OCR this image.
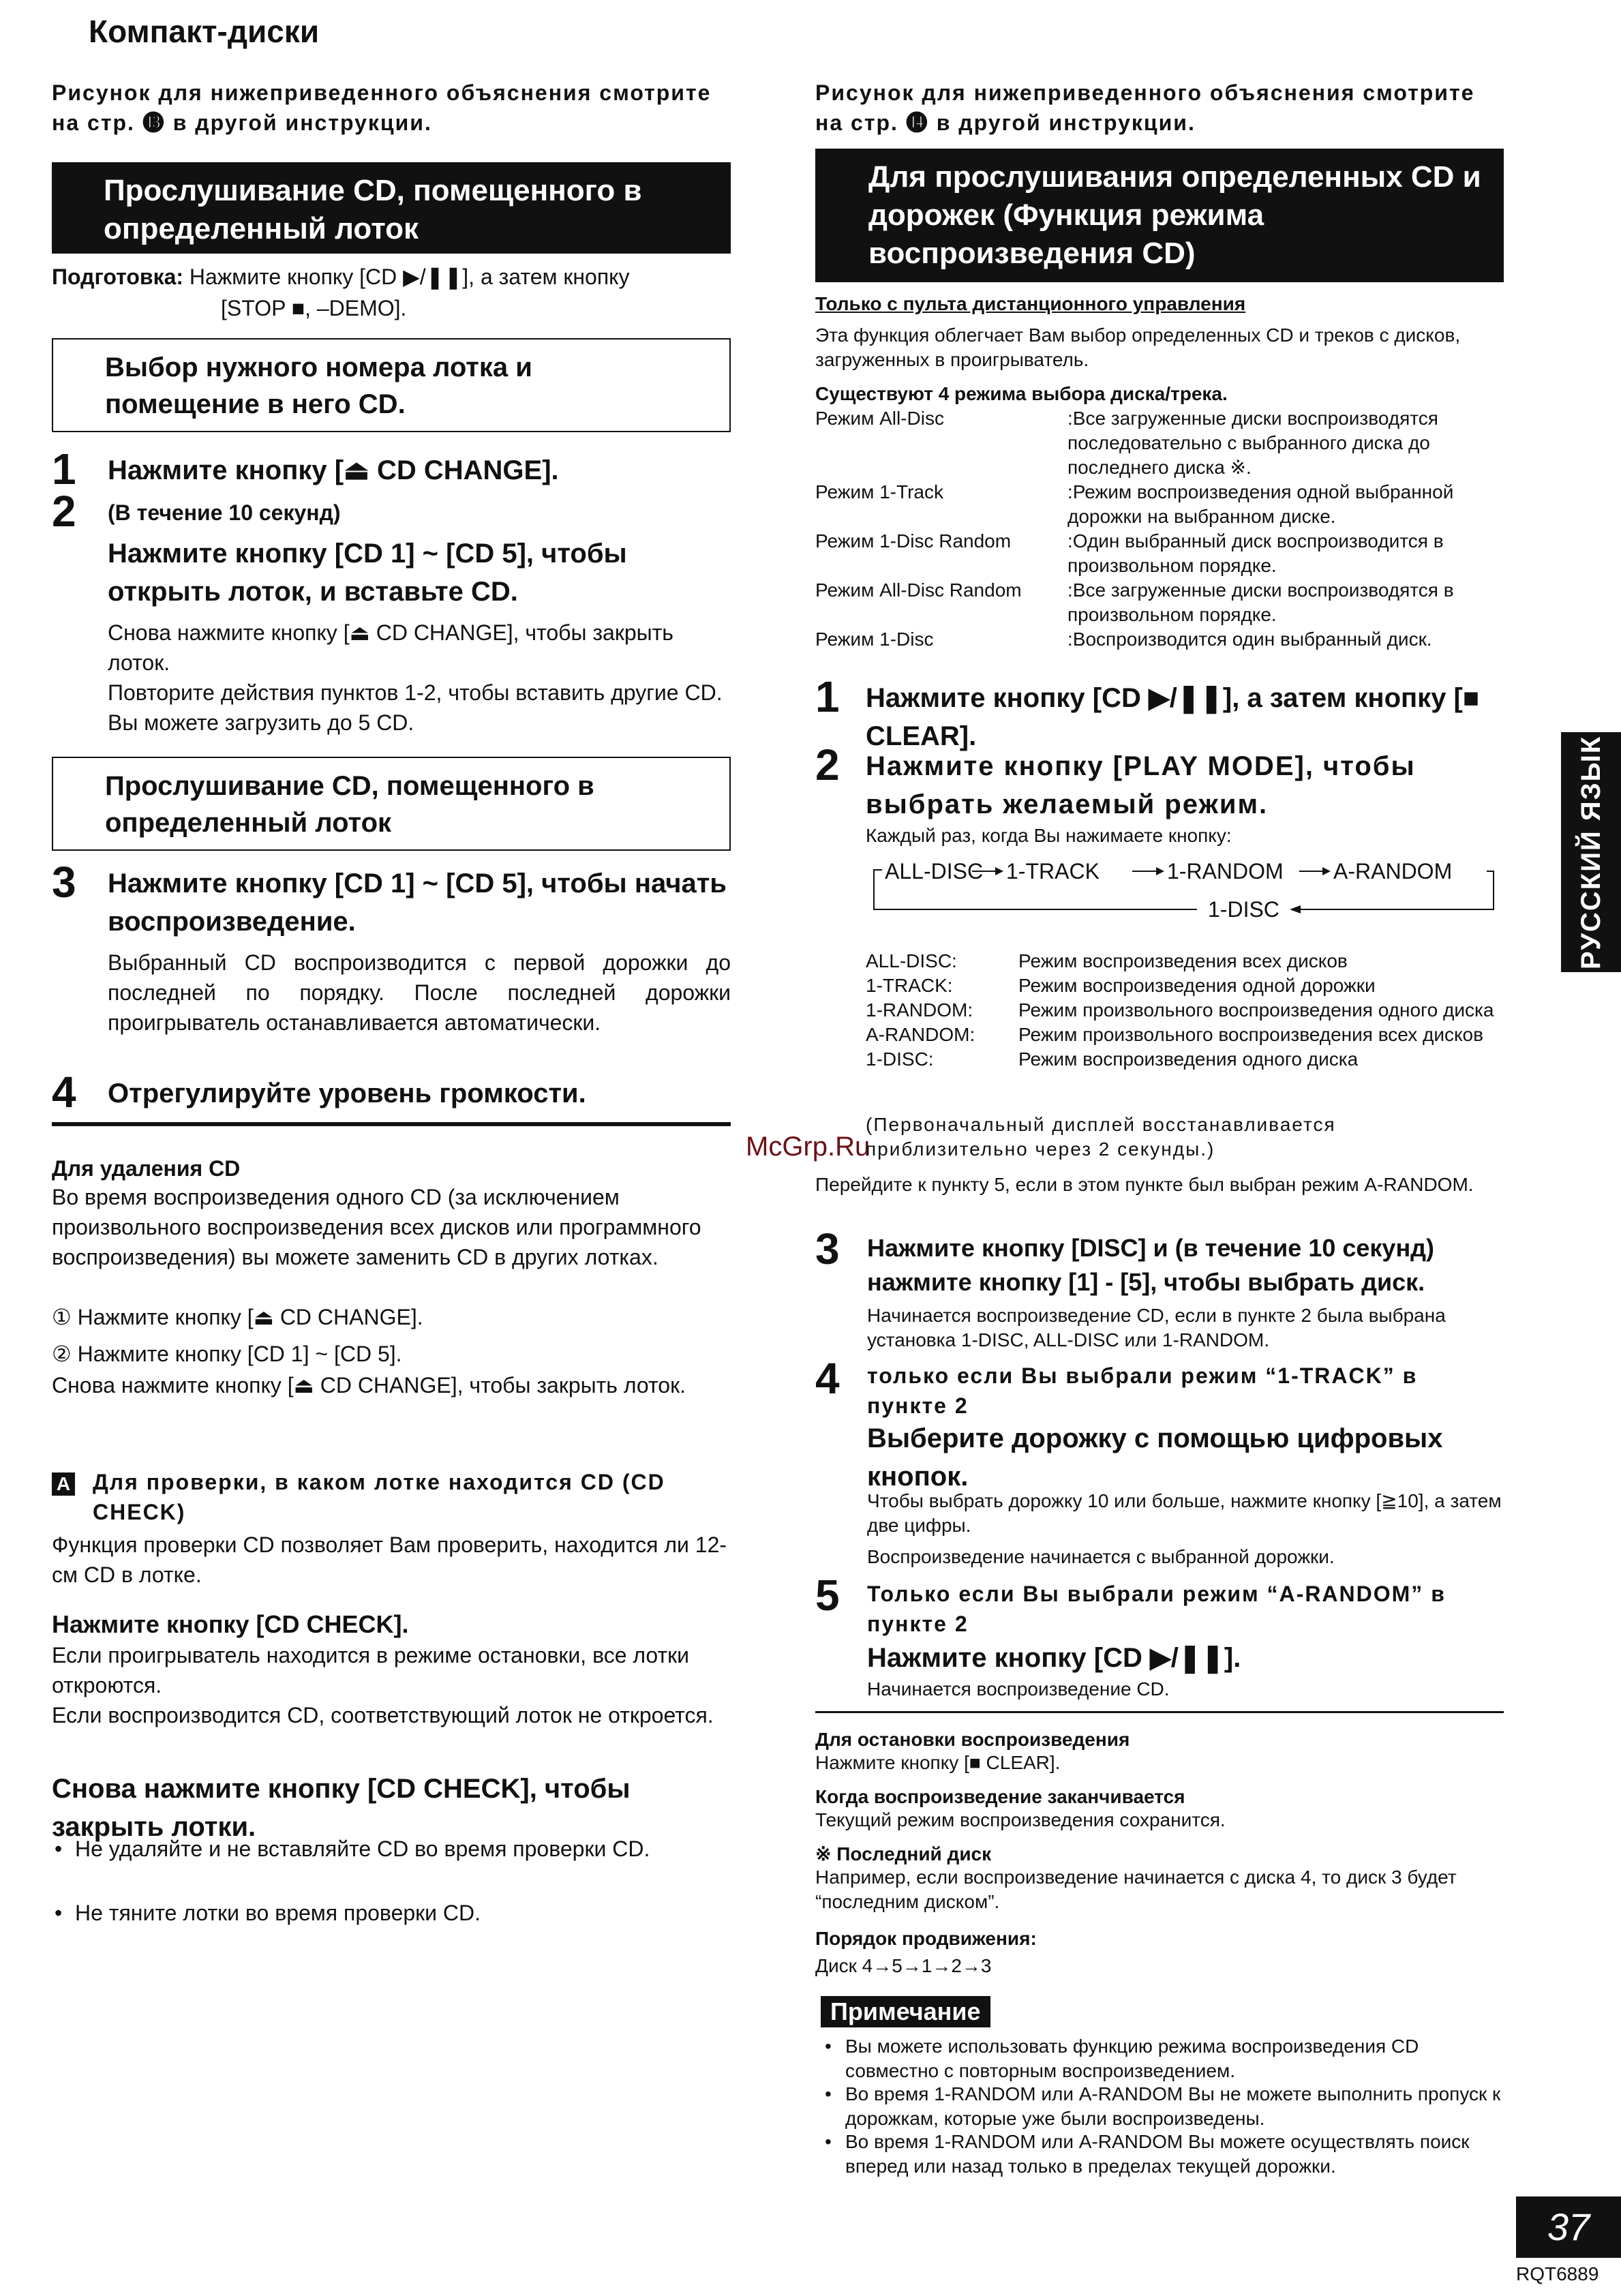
Компакт-диски
Рисунок для нижеприведенного объяснения смотрите на стр. ⓭ в другой инструкции.
Прослушивание CD, помещенного в определенный лоток
Подготовка: Нажмите кнопку [CD ▶/❚❚], а затем кнопку
[STOP ■, –DEMO].
Выбор нужного номера лотка и помещение в него CD.
1 Нажмите кнопку [⏏ CD CHANGE].
2 (В течение 10 секунд)
Нажмите кнопку [CD 1] ~ [CD 5], чтобы открыть лоток, и вставьте CD.
Снова нажмите кнопку [⏏ CD CHANGE], чтобы закрыть лоток.
Повторите действия пунктов 1-2, чтобы вставить другие CD. Вы можете загрузить до 5 CD.
Прослушивание CD, помещенного в определенный лоток
3 Нажмите кнопку [CD 1] ~ [CD 5], чтобы начать воспроизведение.
Выбранный CD воспроизводится с первой дорожки до последней по порядку. После последней дорожки проигрыватель останавливается автоматически.
4 Отрегулируйте уровень громкости.
Для удаления CD
Во время воспроизведения одного CD (за исключением произвольного воспроизведения всех дисков или программного воспроизведения) вы можете заменить CD в других лотках.
① Нажмите кнопку [⏏ CD CHANGE].
② Нажмите кнопку [CD 1] ~ [CD 5].
Снова нажмите кнопку [⏏ CD CHANGE], чтобы закрыть лоток.
A Для проверки, в каком лотке находится CD (CD CHECK)
Функция проверки CD позволяет Вам проверить, находится ли 12-см CD в лотке.
Нажмите кнопку [CD CHECK].
Если проигрыватель находится в режиме остановки, все лотки откроются.
Если воспроизводится CD, соответствующий лоток не откроется.
Снова нажмите кнопку [CD CHECK], чтобы закрыть лотки.
• Не удаляйте и не вставляйте CD во время проверки CD.
• Не тяните лотки во время проверки CD.
McGrp.Ru
Рисунок для нижеприведенного объяснения смотрите на стр. ⓮ в другой инструкции.
Для прослушивания определенных CD и дорожек (Функция режима воспроизведения CD)
Только с пульта дистанционного управления
Эта функция облегчает Вам выбор определенных CD и треков с дисков, загруженных в проигрыватель.
Существуют 4 режима выбора диска/трека.
Режим All-Disc	:Все загруженные диски воспроизводятся последовательно с выбранного диска до последнего диска ※.
Режим 1-Track	:Режим воспроизведения одной выбранной дорожки на выбранном диске.
Режим 1-Disc Random	:Один выбранный диск воспроизводится в произвольном порядке.
Режим All-Disc Random	:Все загруженные диски воспроизводятся в произвольном порядке.
Режим 1-Disc	:Воспроизводится один выбранный диск.
1 Нажмите кнопку [CD ▶/❚❚], а затем кнопку [■ CLEAR].
2 Нажмите кнопку [PLAY MODE], чтобы выбрать желаемый режим.
Каждый раз, когда Вы нажимаете кнопку:
ALL-DISC 1-TRACK	1-RANDOM A-RANDOM
1-DISC
ALL-DISC:	Режим воспроизведения всех дисков
1-TRACK:	Режим воспроизведения одной дорожки
1-RANDOM:	Режим произвольного воспроизведения одного диска
A-RANDOM:	Режим произвольного воспроизведения всех дисков
1-DISC:	Режим воспроизведения одного диска
(Первоначальный дисплей восстанавливается приблизительно через 2 секунды.)
Перейдите к пункту 5, если в этом пункте был выбран режим A-RANDOM.
3 Нажмите кнопку [DISC] и (в течение 10 секунд) нажмите кнопку [1] - [5], чтобы выбрать диск.
Начинается воспроизведение CD, если в пункте 2 была выбрана установка 1-DISC, ALL-DISC или 1-RANDOM.
4 только если Вы выбрали режим “1-TRACK” в пункте 2
Выберите дорожку с помощью цифровых кнопок.
Чтобы выбрать дорожку 10 или больше, нажмите кнопку [≧10], а затем две цифры.
Воспроизведение начинается с выбранной дорожки.
5 Только если Вы выбрали режим “A-RANDOM” в пункте 2
Нажмите кнопку [CD ▶/❚❚].
Начинается воспроизведение CD.
Для остановки воспроизведения
Нажмите кнопку [■ CLEAR].
Когда воспроизведение заканчивается
Текущий режим воспроизведения сохранится.
※ Последний диск
Например, если воспроизведение начинается с диска 4, то диск 3 будет “последним диском”.
Порядок продвижения:
Диск 4→5→1→2→3
Примечание
• Вы можете использовать функцию режима воспроизведения CD совместно с повторным воспроизведением.
• Во время 1-RANDOM или A-RANDOM Вы не можете выполнить пропуск к дорожкам, которые уже были воспроизведены.
• Во время 1-RANDOM или A-RANDOM Вы можете осуществлять поиск вперед или назад только в пределах текущей дорожки.
РУССКИЙ ЯЗЫК
37
RQT6889
